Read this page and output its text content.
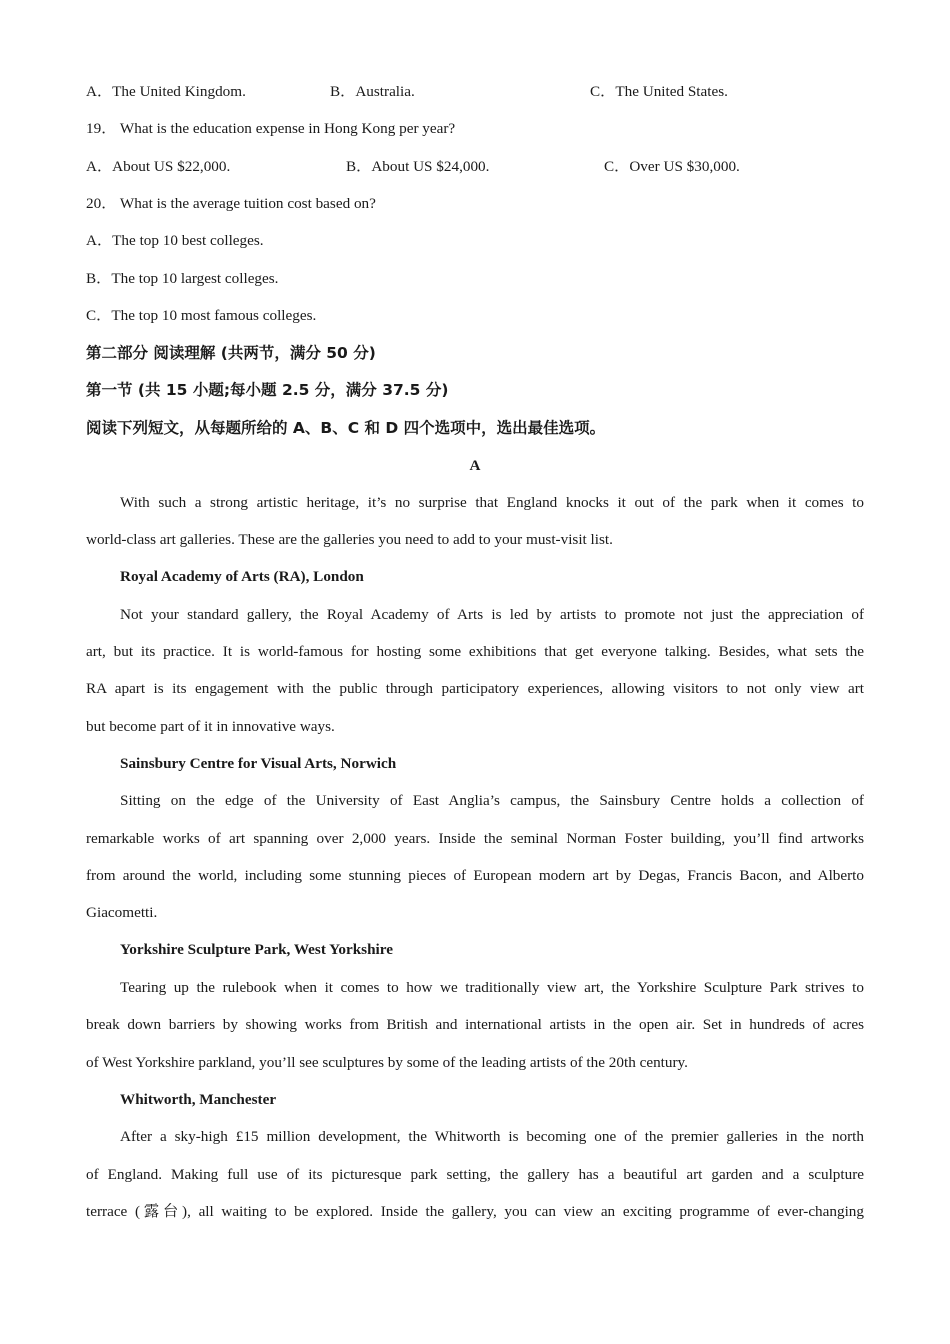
A．The United Kingdom.	B．Australia.	C．The United States.
19． What is the education expense in Hong Kong per year?
A．About US $22,000.	B．About US $24,000.	C．Over US $30,000.
20． What is the average tuition cost based on?
A．The top 10 best colleges.
B．The top 10 largest colleges.
C．The top 10 most famous colleges.
第二部分 阅读理解 (共两节，满分 50 分)
第一节 (共 15 小题;每小题 2.5 分，满分 37.5 分)
阅读下列短文，从每题所给的 A、B、C 和 D 四个选项中，选出最佳选项。
A
With such a strong artistic heritage, it’s no surprise that England knocks it out of the park when it comes to
world-class art galleries. These are the galleries you need to add to your must-visit list.
Royal Academy of Arts (RA), London
Not your standard gallery, the Royal Academy of Arts is led by artists to promote not just the appreciation of
art, but its practice. It is world-famous for hosting some exhibitions that get everyone talking. Besides, what sets the
RA apart is its engagement with the public through participatory experiences, allowing visitors to not only view art
but become part of it in innovative ways.
Sainsbury Centre for Visual Arts, Norwich
Sitting on the edge of the University of East Anglia’s campus, the Sainsbury Centre holds a collection of
remarkable works of art spanning over 2,000 years. Inside the seminal Norman Foster building, you’ll find artworks
from around the world, including some stunning pieces of European modern art by Degas, Francis Bacon, and Alberto
Giacometti.
Yorkshire Sculpture Park, West Yorkshire
Tearing up the rulebook when it comes to how we traditionally view art, the Yorkshire Sculpture Park strives to
break down barriers by showing works from British and international artists in the open air. Set in hundreds of acres
of West Yorkshire parkland, you’ll see sculptures by some of the leading artists of the 20th century.
Whitworth, Manchester
After a sky-high £15 million development, the Whitworth is becoming one of the premier galleries in the north
of England. Making full use of its picturesque park setting, the gallery has a beautiful art garden and a sculpture
terrace (露台), all waiting to be explored. Inside the gallery, you can view an exciting programme of ever-changing
